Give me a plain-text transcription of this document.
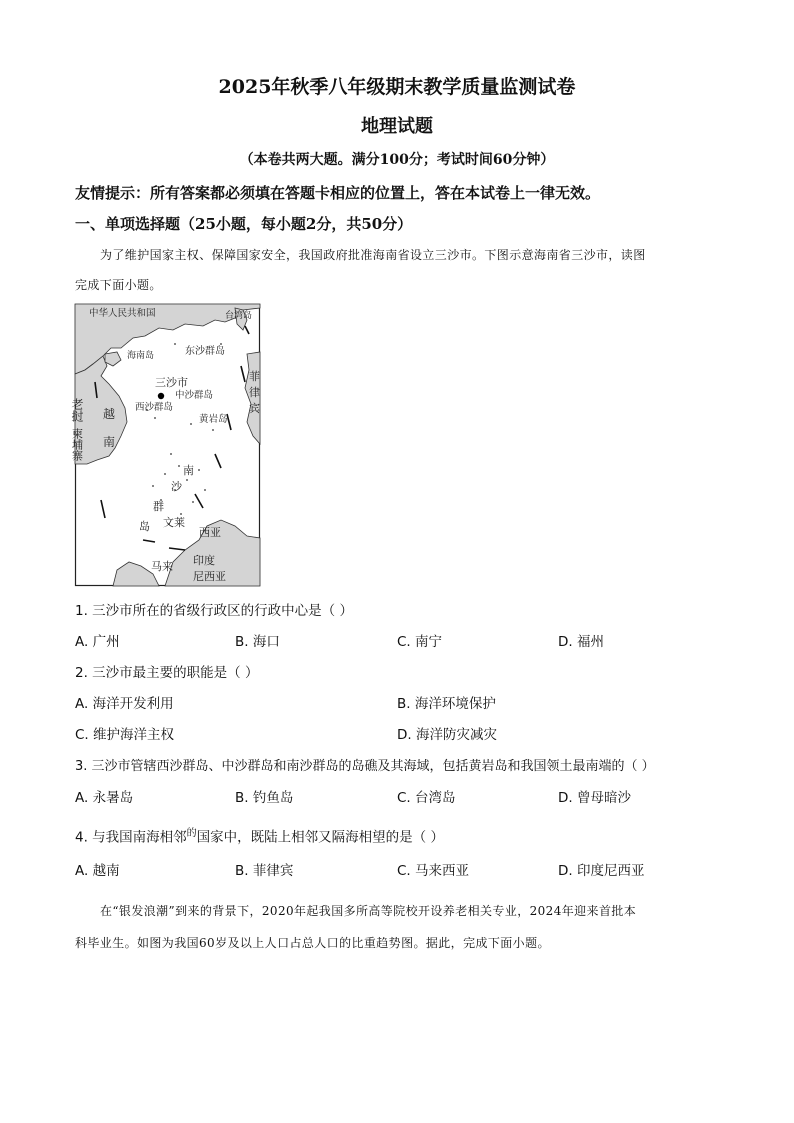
2025年秋季八年级期末教学质量监测试卷
地理试题
（本卷共两大题。满分100分；考试时间60分钟）
友情提示：所有答案都必须填在答题卡相应的位置上，答在本试卷上一律无效。
一、单项选择题（25小题，每小题2分，共50分）
为了维护国家主权、保障国家安全，我国政府批准海南省设立三沙市。下图示意海南省三沙市，读图
完成下面小题。
中华人民共和国	台湾岛
海南岛	东沙群岛
三沙市
中沙群岛
西沙群岛
黄岩岛
老挝 越
南
柬埔寨
南
沙
群
岛 文莱
西亚
印度
尼西亚
马来
菲
律
宾
1. 三沙市所在的省级行政区的行政中心是（ ）
A. 广州	B. 海口	C. 南宁	D. 福州
2. 三沙市最主要的职能是（ ）
A. 海洋开发利用	B. 海洋环境保护
C. 维护海洋主权	D. 海洋防灾减灾
3. 三沙市管辖西沙群岛、中沙群岛和南沙群岛的岛礁及其海域，包括黄岩岛和我国领土最南端的（ ）
A. 永暑岛	B. 钓鱼岛	C. 台湾岛	D. 曾母暗沙
4. 与我国南海相邻$^的$国家中，既陆上相邻又隔海相望的是（ ）
A. 越南	B. 菲律宾	C. 马来西亚	D. 印度尼西亚
在“银发浪潮”到来的背景下，2020年起我国多所高等院校开设养老相关专业，2024年迎来首批本
科毕业生。如图为我国60岁及以上人口占总人口的比重趋势图。据此，完成下面小题。
